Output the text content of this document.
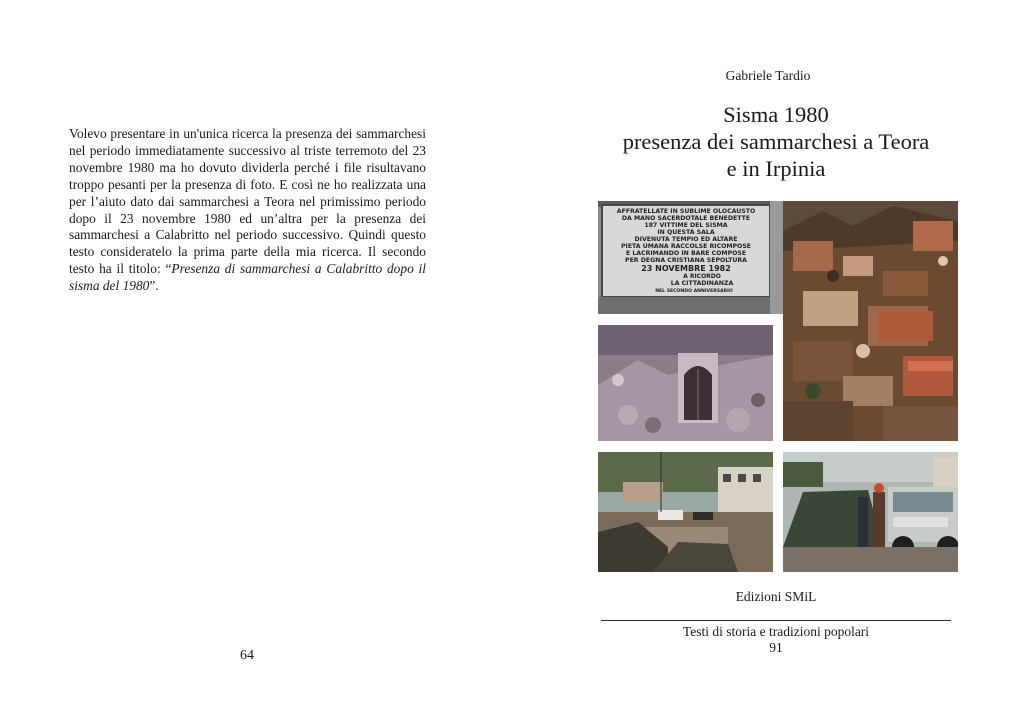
Volevo presentare in un'unica ricerca la presenza dei sammarchesi nel periodo immediatamente successivo al triste terremoto del 23 novembre 1980 ma ho dovuto dividerla perché i file risultavano troppo pesanti per la presenza di foto. E così ne ho realizzata una per l’aiuto dato dai sammarchesi a Teora nel primissimo periodo dopo il 23 novembre 1980 ed un’altra per la presenza dei sammarchesi a Calabritto nel periodo successivo. Quindi questo testo consideratelo la prima parte della mia ricerca. Il secondo testo ha il titolo: “Presenza di sammarchesi a Calabritto dopo il sisma del 1980”.

64
Gabriele Tardio
Sisma 1980
presenza dei sammarchesi a Teora
e in Irpinia
AFFRATELLATE IN SUBLIME OLOCAUSTO
DA MANO SACERDOTALE BENEDETTE
187 VITTIME DEL SISMA
IN QUESTA SALA
DIVENUTA TEMPIO ED ALTARE
PIETA UMANA RACCOLSE RICOMPOSE
E LACRIMANDO IN BARE COMPOSE
PER DEGNA CRISTIANA SEPOLTURA
23 NOVEMBRE 1982
A RICORDO
LA CITTADINANZA
NEL SECONDO ANNIVERSARIO
Edizioni SMiL
Testi di storia e tradizioni popolari
91
